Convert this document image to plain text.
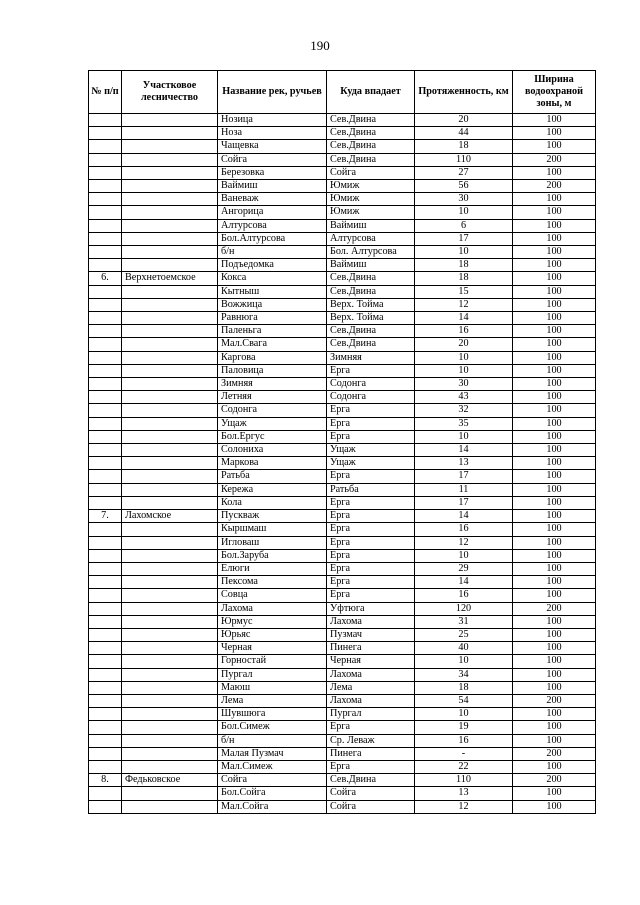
190
№ п/п	Участковое лесничество	Название рек, ручьев	Куда впадает	Протяженность, км	Ширина водоохраной зоны, м
		Нозица	Сев.Двина	20	100
		Ноза	Сев.Двина	44	100
		Чащевка	Сев.Двина	18	100
		Сойга	Сев.Двина	110	200
		Березовка	Сойга	27	100
		Ваймиш	Юмиж	56	200
		Ваневаж	Юмиж	30	100
		Ангорица	Юмиж	10	100
		Алтурсова	Ваймиш	6	100
		Бол.Алтурсова	Алтурсова	17	100
		б/н	Бол. Алтурсова	10	100
		Подъедомка	Ваймиш	18	100
6.	Верхнетоемское	Кокса	Сев.Двина	18	100
		Кытныш	Сев.Двина	15	100
		Вожжица	Верх. Тойма	12	100
		Равнюга	Верх. Тойма	14	100
		Паленьга	Сев.Двина	16	100
		Мал.Свага	Сев.Двина	20	100
		Каргова	Зимняя	10	100
		Паловица	Ерга	10	100
		Зимняя	Содонга	30	100
		Летняя	Содонга	43	100
		Содонга	Ерга	32	100
		Ущаж	Ерга	35	100
		Бол.Ергус	Ерга	10	100
		Солониха	Ущаж	14	100
		Маркова	Ущаж	13	100
		Ратьба	Ерга	17	100
		Кережа	Ратьба	11	100
		Кола	Ерга	17	100
7.	Лахомское	Пускваж	Ерга	14	100
		Кыршмаш	Ерга	16	100
		Игловаш	Ерга	12	100
		Бол.Заруба	Ерга	10	100
		Елюги	Ерга	29	100
		Пексома	Ерга	14	100
		Совца	Ерга	16	100
		Лахома	Уфтюга	120	200
		Юрмус	Лахома	31	100
		Юрьяс	Пузмач	25	100
		Черная	Пинега	40	100
		Горностай	Черная	10	100
		Пургал	Лахома	34	100
		Маюш	Лема	18	100
		Лема	Лахома	54	200
		Шувшюга	Пургал	10	100
		Бол.Симеж	Ерга	19	100
		б/н	Ср. Леваж	16	100
		Малая Пузмач	Пинега	-	200
		Мал.Симеж	Ерга	22	100
8.	Федьковское	Сойга	Сев.Двина	110	200
		Бол.Сойга	Сойга	13	100
		Мал.Сойга	Сойга	12	100
